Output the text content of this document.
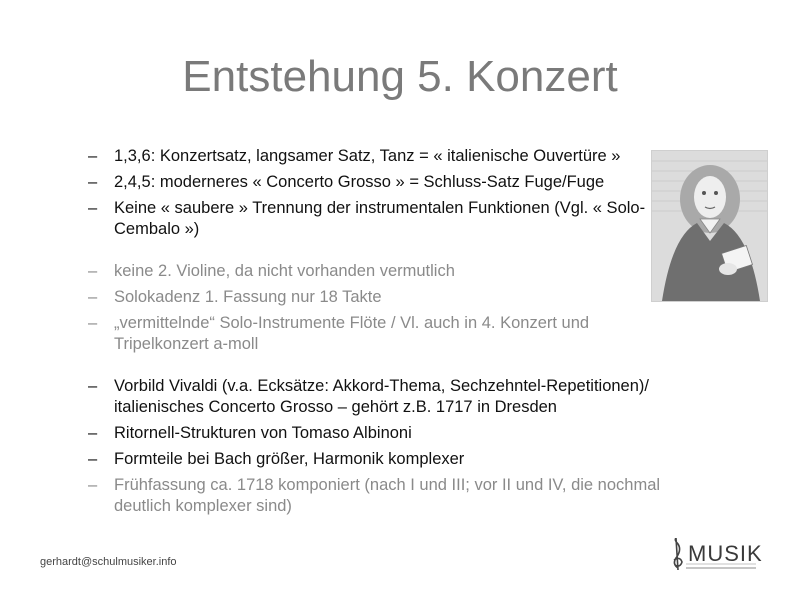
Entstehung 5. Konzert
– 1,3,6: Konzertsatz, langsamer Satz, Tanz = « italienische Ouvertüre »
– 2,4,5: moderneres « Concerto Grosso » = Schluss-Satz Fuge/Fuge
– Keine « saubere » Trennung der instrumentalen Funktionen (Vgl. « Solo-Cembalo »)
– keine 2. Violine, da nicht vorhanden vermutlich
– Solokadenz 1. Fassung nur 18 Takte
– „vermittelnde“ Solo-Instrumente Flöte / Vl. auch in 4. Konzert und Tripelkonzert a-moll
– Vorbild Vivaldi (v.a. Ecksätze: Akkord-Thema, Sechzehntel-Repetitionen)/ italienisches Concerto Grosso – gehört z.B. 1717 in Dresden
– Ritornell-Strukturen von Tomaso Albinoni
– Formteile bei Bach größer, Harmonik komplexer
– Frühfassung ca. 1718 komponiert (nach I und III; vor II und IV, die nochmal deutlich komplexer sind)
gerhardt@schulmusiker.info	MUSIK
